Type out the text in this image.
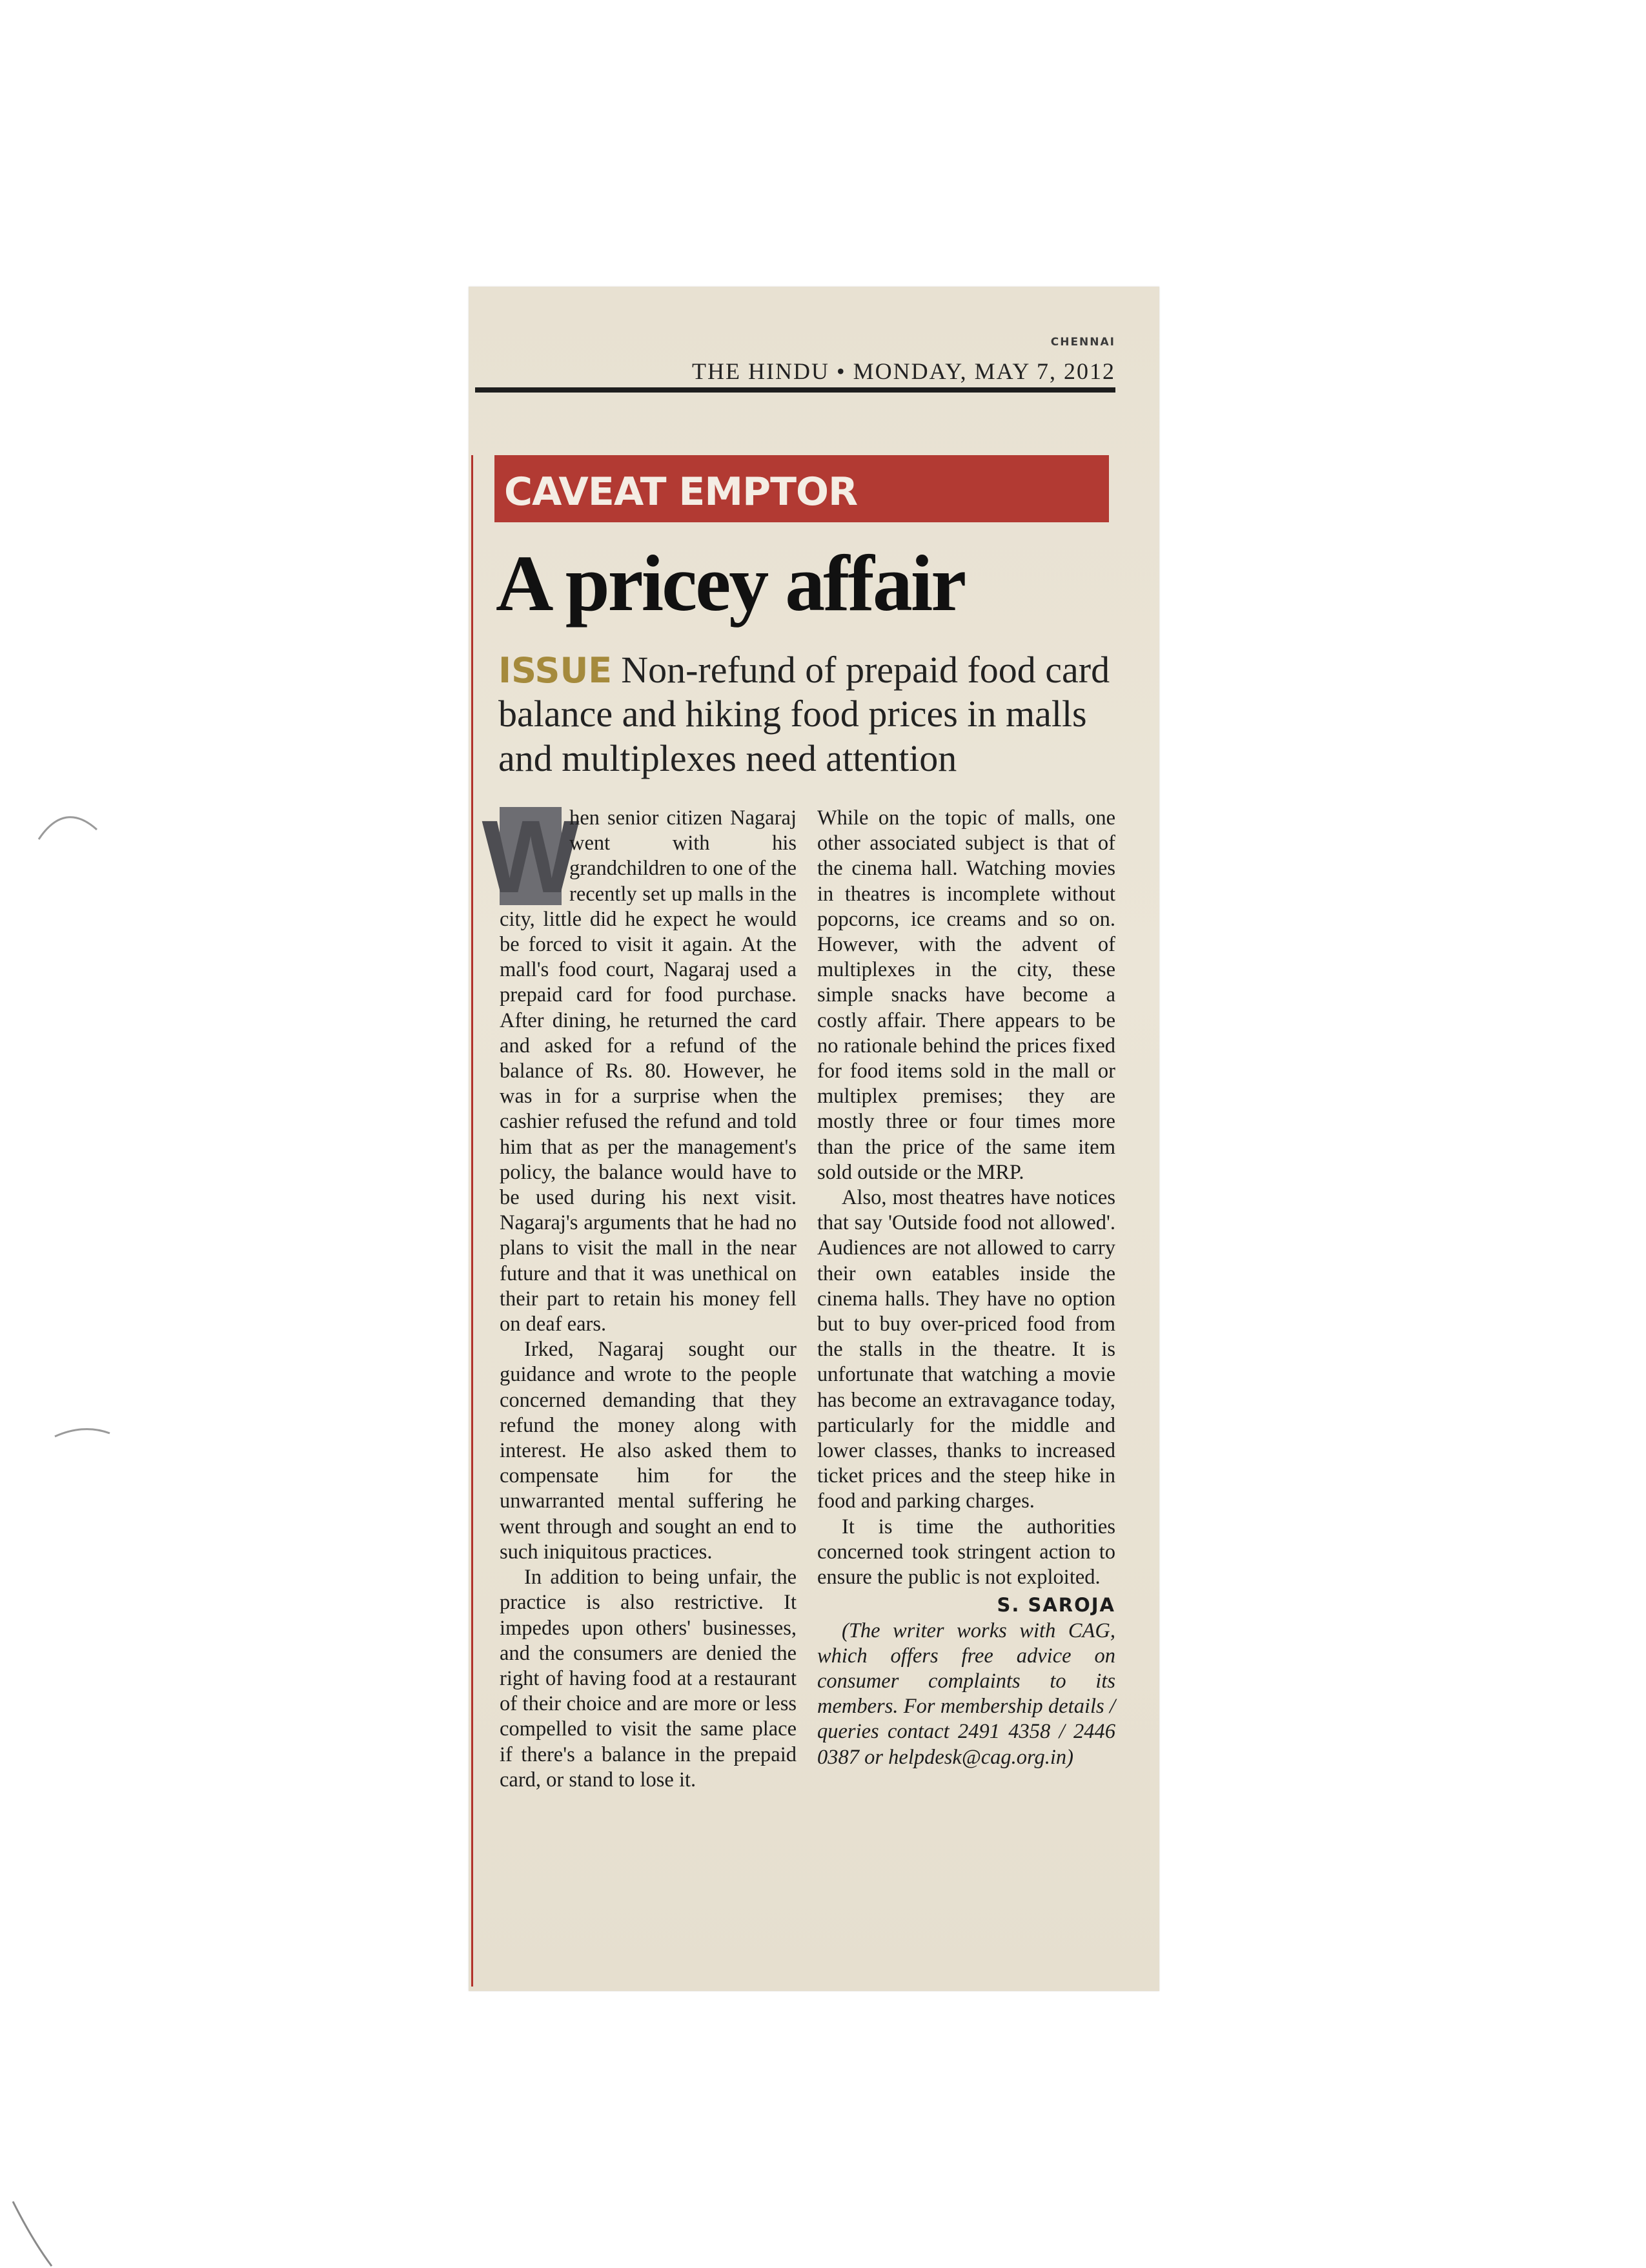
CHENNAI
THE HINDU • MONDAY, MAY 7, 2012
CAVEAT EMPTOR
A pricey affair
ISSUE Non-refund of prepaid food card balance and hiking food prices in malls and multiplexes need attention

W
hen senior citizen Nagaraj went with his grandchildren to one of the recently set up malls in the city, little did he expect he would be forced to visit it again. At the mall's food court, Nagaraj used a prepaid card for food purchase. After dining, he returned the card and asked for a refund of the balance of Rs. 80. However, he was in for a surprise when the cashier refused the refund and told him that as per the management's policy, the balance would have to be used during his next visit. Nagaraj's arguments that he had no plans to visit the mall in the near future and that it was unethical on their part to retain his money fell on deaf ears.

Irked, Nagaraj sought our guidance and wrote to the people concerned demanding that they refund the money along with interest. He also asked them to compensate him for the unwarranted mental suffering he went through and sought an end to such iniquitous practices.

In addition to being unfair, the practice is also restrictive. It impedes upon others' businesses, and the consumers are denied the right of having food at a restaurant of their choice and are more or less compelled to visit the same place if there's a balance in the prepaid card, or stand to lose it.

While on the topic of malls, one other associated subject is that of the cinema hall. Watching movies in theatres is incomplete without popcorns, ice creams and so on. However, with the advent of multiplexes in the city, these simple snacks have become a costly affair. There appears to be no rationale behind the prices fixed for food items sold in the mall or multiplex premises; they are mostly three or four times more than the price of the same item sold outside or the MRP.

Also, most theatres have notices that say 'Outside food not allowed'. Audiences are not allowed to carry their own eatables inside the cinema halls. They have no option but to buy over-priced food from the stalls in the theatre. It is unfortunate that watching a movie has become an extravagance today, particularly for the middle and lower classes, thanks to increased ticket prices and the steep hike in food and parking charges.

It is time the authorities concerned took stringent action to ensure the public is not exploited.

S. SAROJA

(The writer works with CAG, which offers free advice on consumer complaints to its members. For membership details / queries contact 2491 4358 / 2446 0387 or helpdesk@cag.org.in)
